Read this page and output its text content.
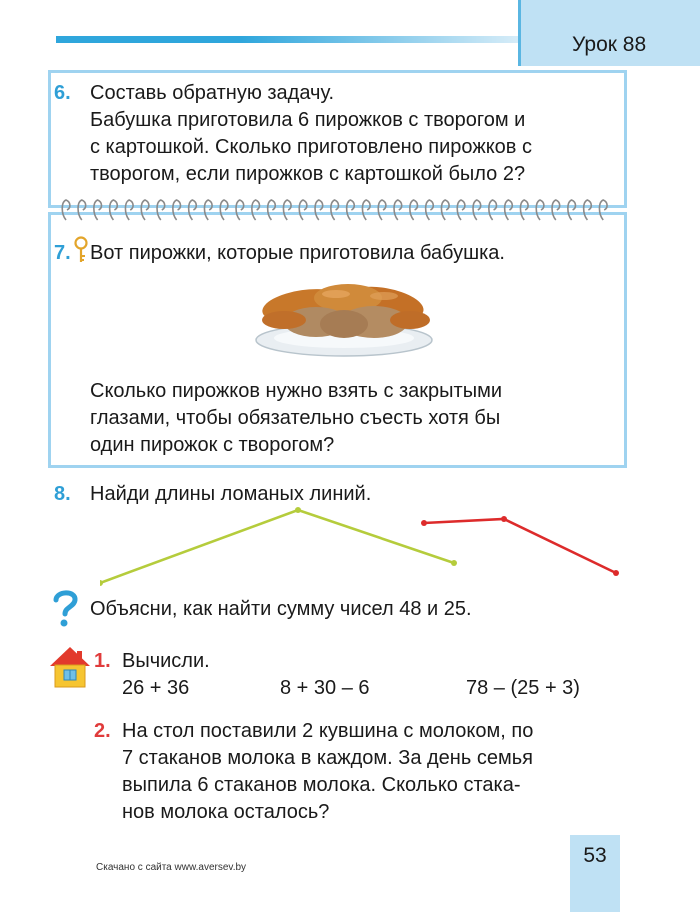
Урок 88
6. Составь обратную задачу.
Бабушка приготовила 6 пирожков с творогом и
с картошкой. Сколько приготовлено пирожков с
творогом, если пирожков с картошкой было 2?
7. Вот пирожки, которые приготовила бабушка.
Сколько пирожков нужно взять с закрытыми
глазами, чтобы обязательно съесть хотя бы
один пирожок с творогом?
8. Найди длины ломаных линий.
Объясни, как найти сумму чисел 48 и 25.
1. Вычисли.
26 + 36	8 + 30 – 6	78 – (25 + 3)
2. На стол поставили 2 кувшина с молоком, по
7 стаканов молока в каждом. За день семья
выпила 6 стаканов молока. Сколько стака-
нов молока осталось?
Скачано с сайта www.aversev.by
53
